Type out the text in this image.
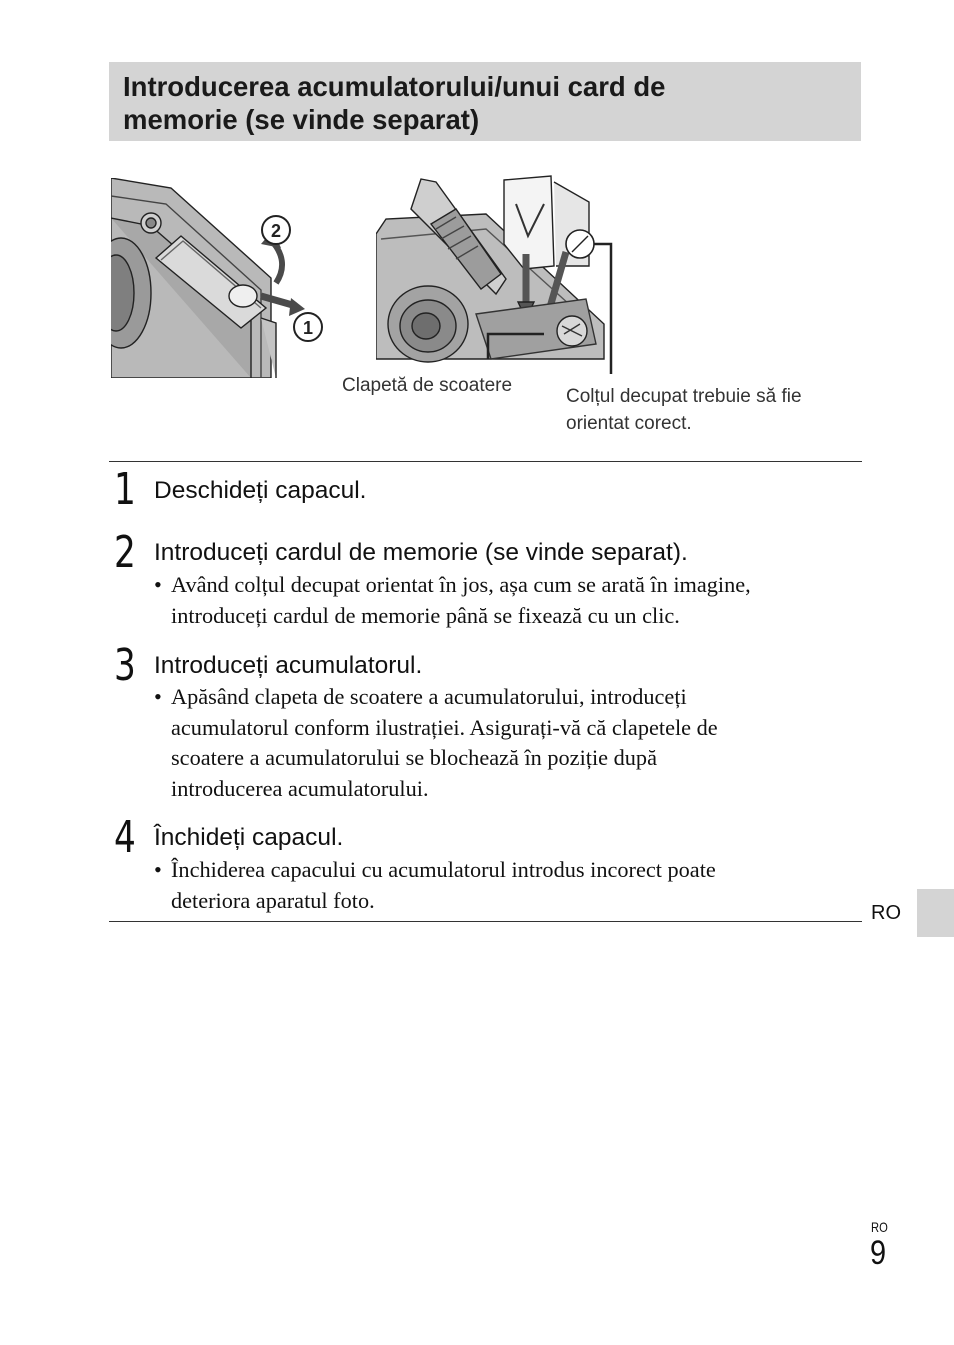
Introducerea acumulatorului/unui card de
memorie (se vinde separat)
2
1
Clapetă de scoatere
Colțul decupat trebuie să fie
orientat corect.
1 Deschideți capacul.
2 Introduceți cardul de memorie (se vinde separat).
• Având colțul decupat orientat în jos, așa cum se arată în imagine,
introduceți cardul de memorie până se fixează cu un clic.
3 Introduceți acumulatorul.
• Apăsând clapeta de scoatere a acumulatorului, introduceți
acumulatorul conform ilustrației. Asigurați-vă că clapetele de
scoatere a acumulatorului se blochează în poziție după
introducerea acumulatorului.
4 Închideți capacul.
• Închiderea capacului cu acumulatorul introdus incorect poate
deteriora aparatul foto.
RO
RO
9
